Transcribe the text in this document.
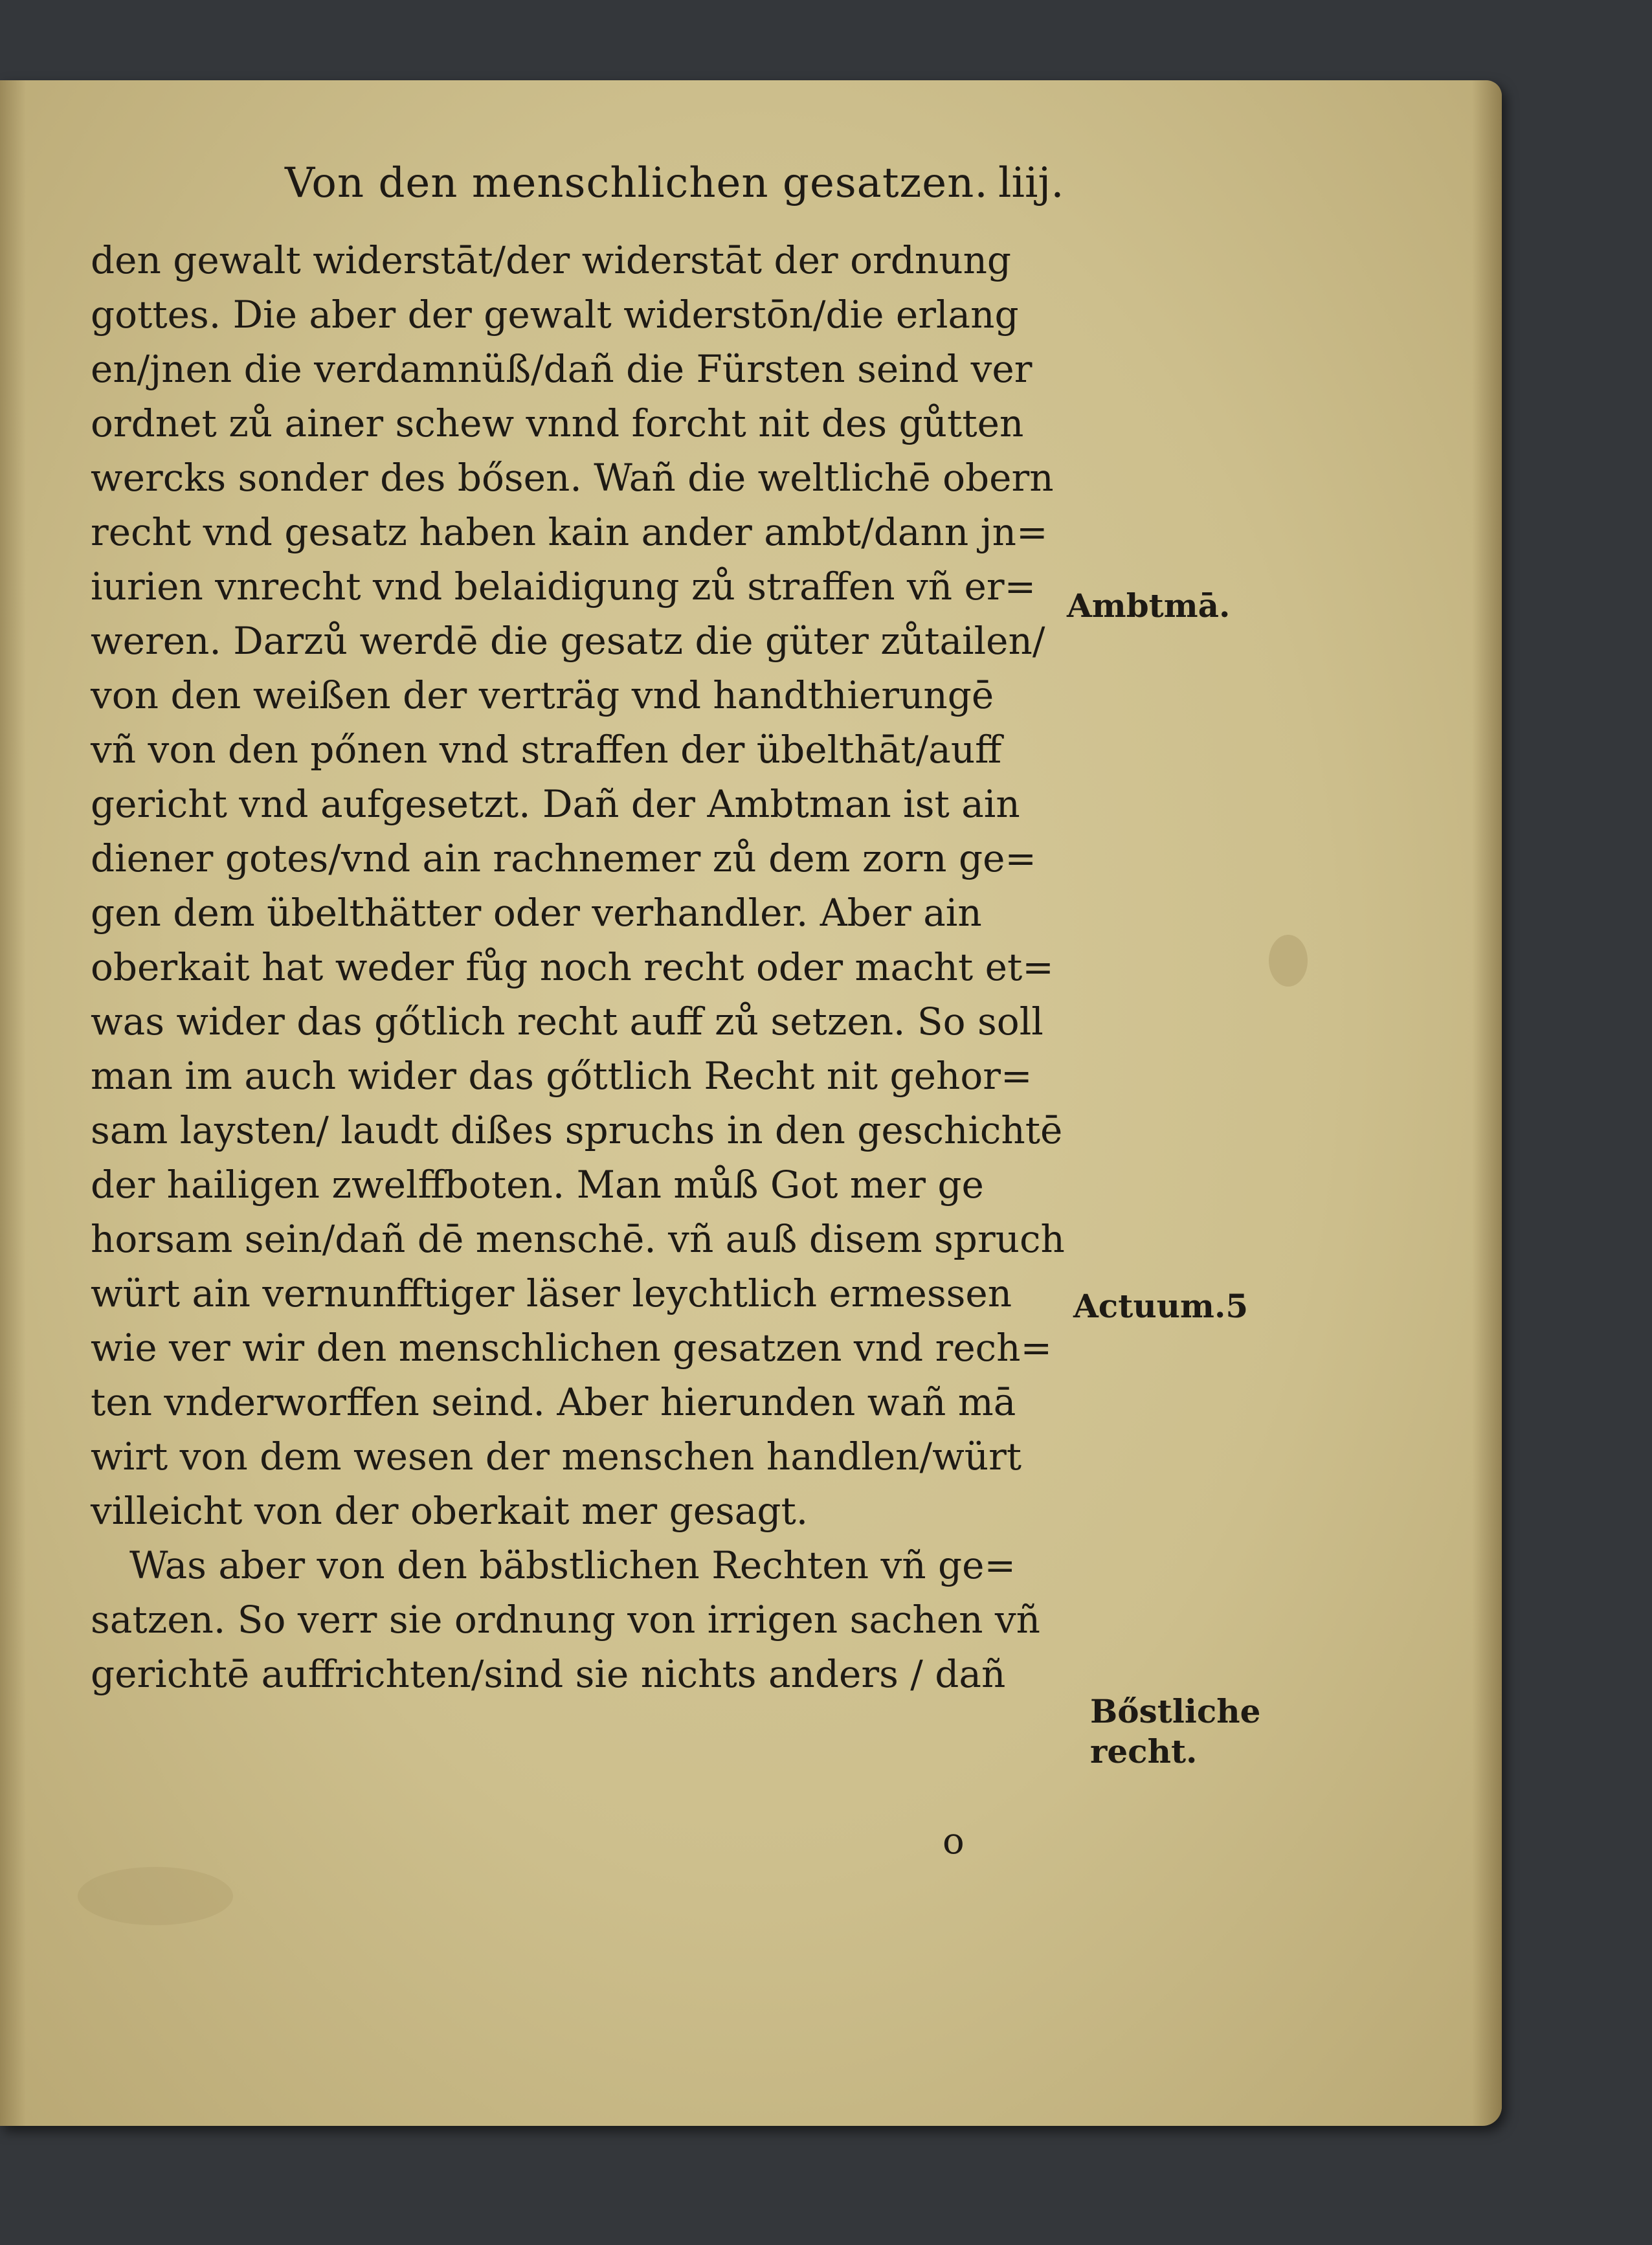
Von den menschlichen gesatzen. liij.
den gewalt widerstāt/der widerstāt der ordnung
gottes. Die aber der gewalt widerstōn/die erlang
en/jnen die verdamnüß/dañ die Fürsten seind ver
ordnet zů ainer schew vnnd forcht nit des gůtten
wercks sonder des bősen. Wañ die weltlichē obern
recht vnd gesatz haben kain ander ambt/dann jn=
iurien vnrecht vnd belaidigung zů straffen vñ er=
weren. Darzů werdē die gesatz die güter zůtailen/
von den weißen der verträg vnd handthierungē
vñ von den pőnen vnd straffen der übelthāt/auff
gericht vnd aufgesetzt. Dañ der Ambtman ist ain
diener gotes/vnd ain rachnemer zů dem zorn ge=
gen dem übelthätter oder verhandler. Aber ain
oberkait hat weder fůg noch recht oder macht et=
was wider das gőtlich recht auff zů setzen. So soll
man im auch wider das gőttlich Recht nit gehor=
sam laysten/ laudt dißes spruchs in den geschichtē
der hailigen zwelffboten. Man můß Got mer ge
horsam sein/dañ dē menschē. vñ auß disem spruch
würt ain vernunfftiger läser leychtlich ermessen
wie ver wir den menschlichen gesatzen vnd rech=
ten vnderworffen seind. Aber hierunden wañ mā
wirt von dem wesen der menschen handlen/würt
villeicht von der oberkait mer gesagt.
Was aber von den bäbstlichen Rechten vñ ge=
satzen. So verr sie ordnung von irrigen sachen vñ
gerichtē auffrichten/sind sie nichts anders / dañ
Ambtmā.
Actuum.5
Bőstliche
recht.
o
